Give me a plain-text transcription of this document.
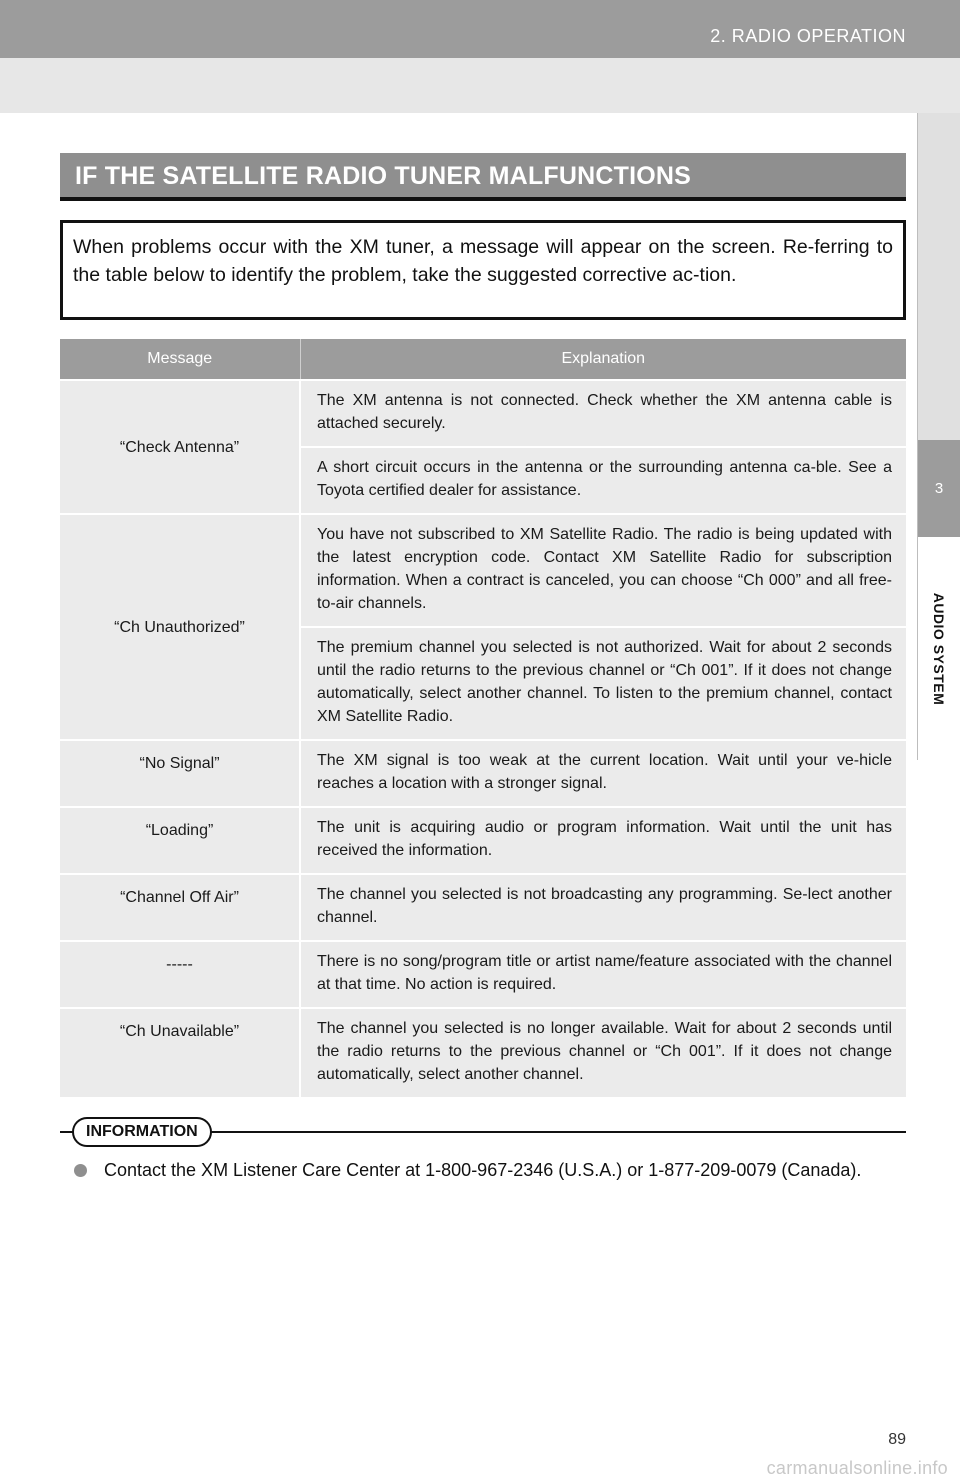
2. RADIO OPERATION
3
AUDIO SYSTEM
IF THE SATELLITE RADIO TUNER MALFUNCTIONS
When problems occur with the XM tuner, a message will appear on the screen. Re-ferring to the table below to identify the problem, take the suggested corrective ac-tion.
Message	Explanation
“Check Antenna”	The XM antenna is not connected. Check whether the XM antenna cable is attached securely.
	A short circuit occurs in the antenna or the surrounding antenna ca-ble. See a Toyota certified dealer for assistance.
“Ch Unauthorized”	You have not subscribed to XM Satellite Radio. The radio is being updated with the latest encryption code. Contact XM Satellite Radio for subscription information. When a contract is canceled, you can choose “Ch 000” and all free-to-air channels.
	The premium channel you selected is not authorized. Wait for about 2 seconds until the radio returns to the previous channel or “Ch 001”. If it does not change automatically, select another channel. To listen to the premium channel, contact XM Satellite Radio.
“No Signal”	The XM signal is too weak at the current location. Wait until your ve-hicle reaches a location with a stronger signal.
“Loading”	The unit is acquiring audio or program information. Wait until the unit has received the information.
“Channel Off Air”	The channel you selected is not broadcasting any programming. Se-lect another channel.
-----	There is no song/program title or artist name/feature associated with the channel at that time. No action is required.
“Ch Unavailable”	The channel you selected is no longer available. Wait for about 2 seconds until the radio returns to the previous channel or “Ch 001”. If it does not change automatically, select another channel.
INFORMATION
Contact the XM Listener Care Center at 1-800-967-2346 (U.S.A.) or 1-877-209-0079 (Canada).
89
carmanualsonline.info
